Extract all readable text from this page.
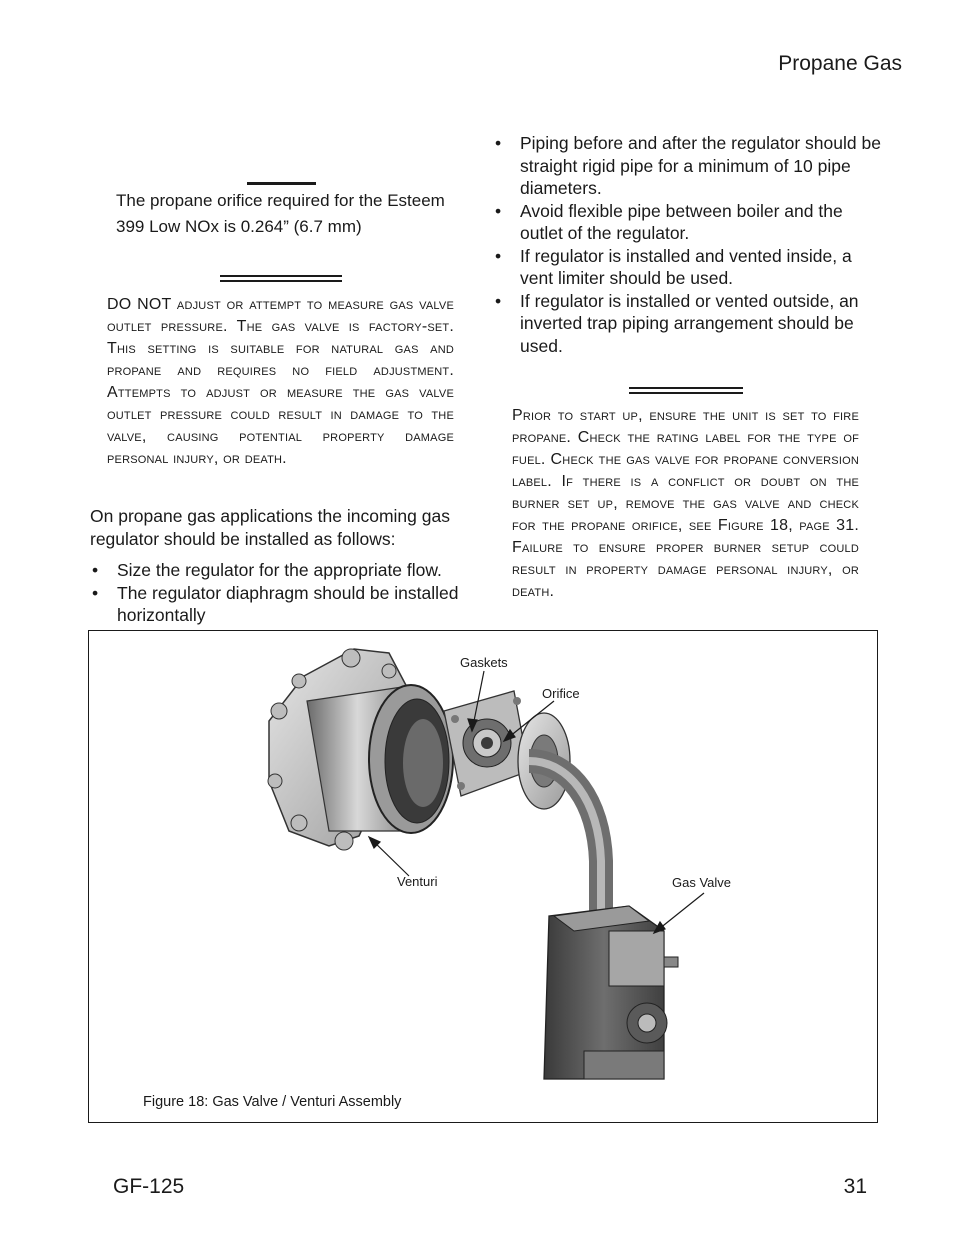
Propane Gas
The propane orifice required for the Esteem 399 Low NOx is 0.264” (6.7 mm)
DO NOT adjust or attempt to measure gas valve outlet pressure. The gas valve is factory-set. This setting is suitable for natural gas and propane and requires no field adjustment. Attempts to adjust or measure the gas valve outlet pressure could result in damage to the valve, causing potential property damage personal injury, or death.
On propane gas applications the incoming gas regulator should be installed as follows:
• Size the regulator for the appropriate flow.
• The regulator diaphragm should be installed horizontally
• Piping before and after the regulator should be straight rigid pipe for a minimum of 10 pipe diameters.
• Avoid flexible pipe between boiler and the outlet of the regulator.
• If regulator is installed and vented inside, a vent limiter should be used.
• If regulator is installed or vented outside, an inverted trap piping arrangement should be used.
Prior to start up, ensure the unit is set to fire propane. Check the rating label for the type of fuel. Check the gas valve for propane conversion label. If there is a conflict or doubt on the burner set up, remove the gas valve and check for the propane orifice, see Figure 18, page 31. Failure to ensure proper burner setup could result in property damage personal injury, or death.
Gaskets
Orifice
Venturi	Gas Valve
Figure 18: Gas Valve / Venturi Assembly
GF-125	31
